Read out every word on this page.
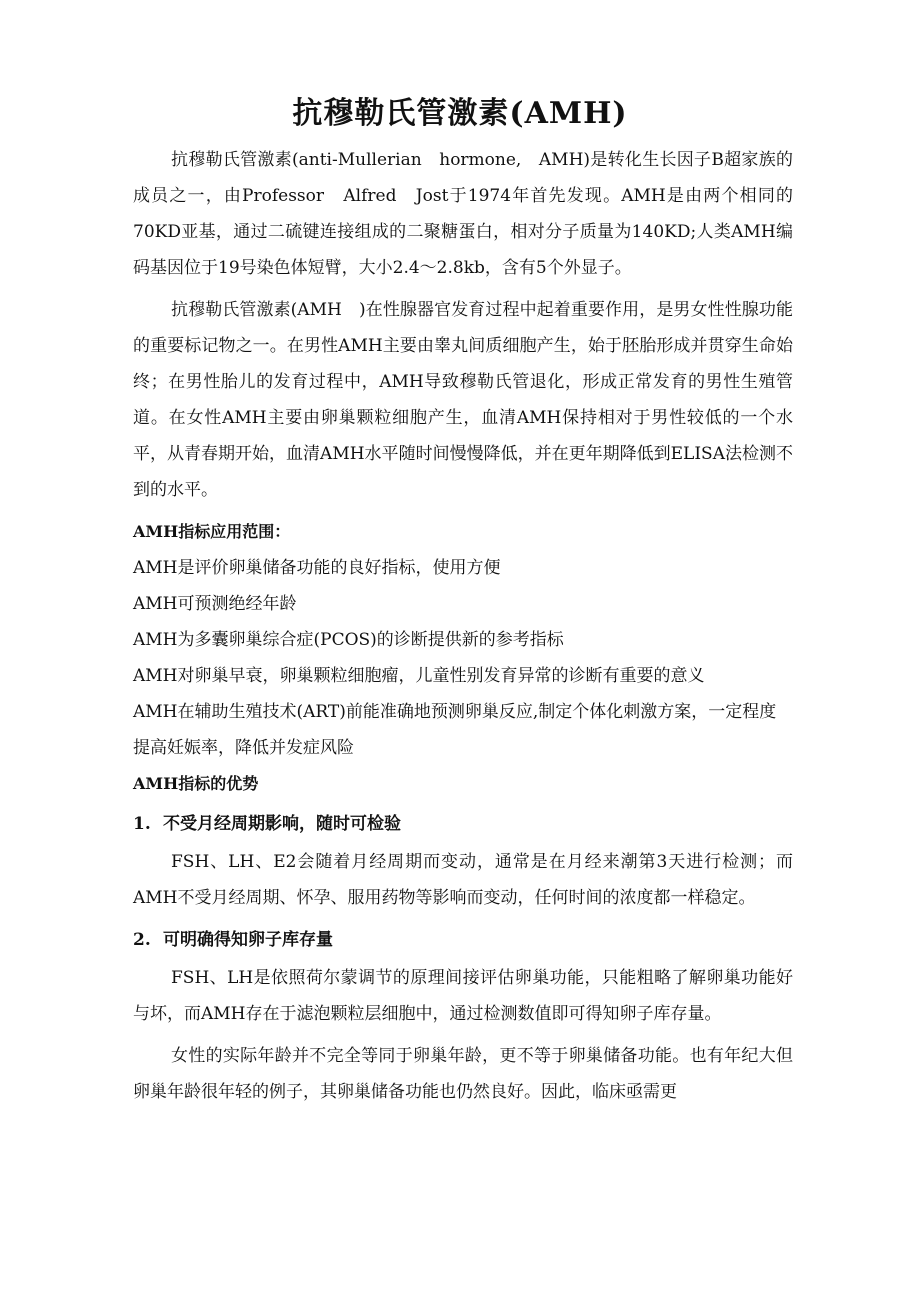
抗穆勒氏管激素(AMH)

抗穆勒氏管激素(anti-Mullerian　hormone,　AMH)是转化生长因子B超家族的成员之一，由Professor　Alfred　Jost于1974年首先发现。AMH是由两个相同的70KD亚基，通过二硫键连接组成的二聚糖蛋白，相对分子质量为140KD;人类AMH编码基因位于19号染色体短臂，大小2.4～2.8kb，含有5个外显子。

抗穆勒氏管激素(AMH　)在性腺器官发育过程中起着重要作用，是男女性性腺功能的重要标记物之一。在男性AMH主要由睾丸间质细胞产生，始于胚胎形成并贯穿生命始终；在男性胎儿的发育过程中，AMH导致穆勒氏管退化，形成正常发育的男性生殖管道。在女性AMH主要由卵巢颗粒细胞产生，血清AMH保持相对于男性较低的一个水平，从青春期开始，血清AMH水平随时间慢慢降低，并在更年期降低到ELISA法检测不到的水平。

AMH指标应用范围：

AMH是评价卵巢储备功能的良好指标，使用方便

AMH可预测绝经年龄

AMH为多囊卵巢综合症(PCOS)的诊断提供新的参考指标

AMH对卵巢早衰，卵巢颗粒细胞瘤，儿童性别发育异常的诊断有重要的意义

AMH在辅助生殖技术(ART)前能准确地预测卵巢反应,制定个体化刺激方案，一定程度提高妊娠率，降低并发症风险

AMH指标的优势

1. 不受月经周期影响，随时可检验

FSH、LH、E2会随着月经周期而变动，通常是在月经来潮第3天进行检测；而AMH不受月经周期、怀孕、服用药物等影响而变动，任何时间的浓度都一样稳定。

2. 可明确得知卵子库存量

FSH、LH是依照荷尔蒙调节的原理间接评估卵巢功能，只能粗略了解卵巢功能好与坏，而AMH存在于滤泡颗粒层细胞中，通过检测数值即可得知卵子库存量。

女性的实际年龄并不完全等同于卵巢年龄，更不等于卵巢储备功能。也有年纪大但卵巢年龄很年轻的例子，其卵巢储备功能也仍然良好。因此，临床亟需更
